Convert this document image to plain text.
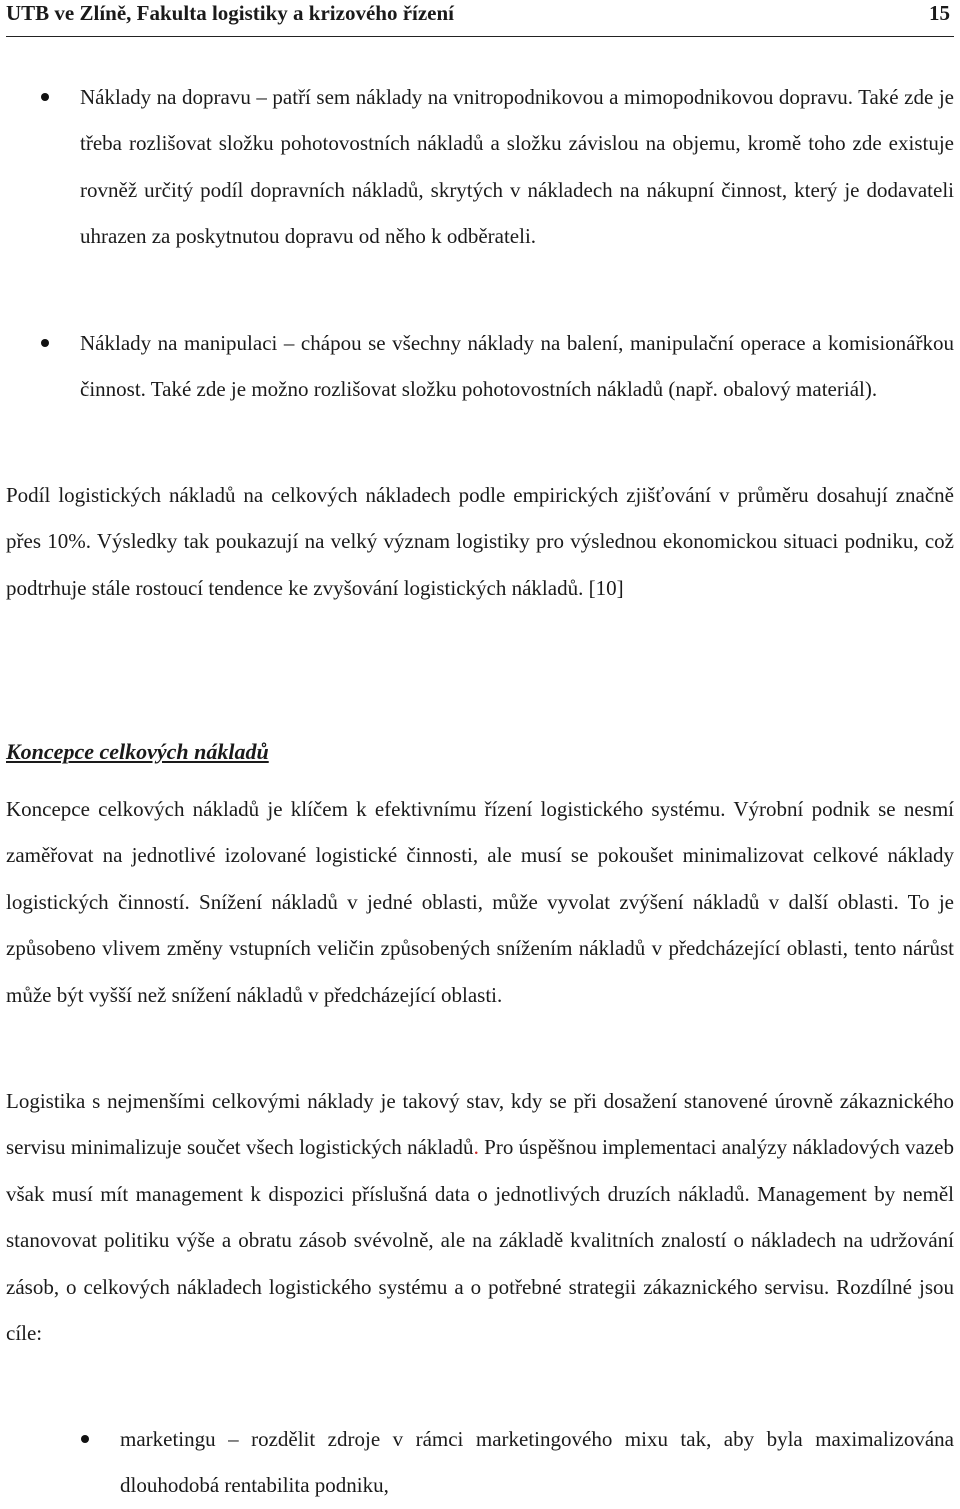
UTB ve Zlíně, Fakulta logistiky a krizového řízení	15
Náklady na dopravu – patří sem náklady na vnitropodnikovou a mimopodnikovou dopravu. Také zde je třeba rozlišovat složku pohotovostních nákladů a složku závislou na objemu, kromě toho zde existuje rovněž určitý podíl dopravních nákladů, skrytých v nákladech na nákupní činnost, který je dodavateli uhrazen za poskytnutou dopravu od něho k odběrateli.
Náklady na manipulaci – chápou se všechny náklady na balení, manipulační operace a komisionářkou činnost. Také zde je možno rozlišovat složku pohotovostních nákladů (např. obalový materiál).

Podíl logistických nákladů na celkových nákladech podle empirických zjišťování v průměru dosahují značně přes 10%. Výsledky tak poukazují na velký význam logistiky pro výslednou ekonomickou situaci podniku, což podtrhuje stále rostoucí tendence ke zvyšování logistických nákladů. [10]

Koncepce celkových nákladů

Koncepce celkových nákladů je klíčem k efektivnímu řízení logistického systému. Výrobní podnik se nesmí zaměřovat na jednotlivé izolované logistické činnosti, ale musí se pokoušet minimalizovat celkové náklady logistických činností. Snížení nákladů v jedné oblasti, může vyvolat zvýšení nákladů v další oblasti. To je způsobeno vlivem změny vstupních veličin způsobených snížením nákladů v předcházející oblasti, tento nárůst může být vyšší než snížení nákladů v předcházející oblasti.

Logistika s nejmenšími celkovými náklady je takový stav, kdy se při dosažení stanovené úrovně zákaznického servisu minimalizuje součet všech logistických nákladů. Pro úspěšnou implementaci analýzy nákladových vazeb však musí mít management k dispozici příslušná data o jednotlivých druzích nákladů. Management by neměl stanovovat politiku výše a obratu zásob svévolně, ale na základě kvalitních znalostí o nákladech na udržování zásob, o celkových nákladech logistického systému a o potřebné strategii zákaznického servisu. Rozdílné jsou cíle:

marketingu – rozdělit zdroje v rámci marketingového mixu tak, aby byla maximalizována dlouhodobá rentabilita podniku,
